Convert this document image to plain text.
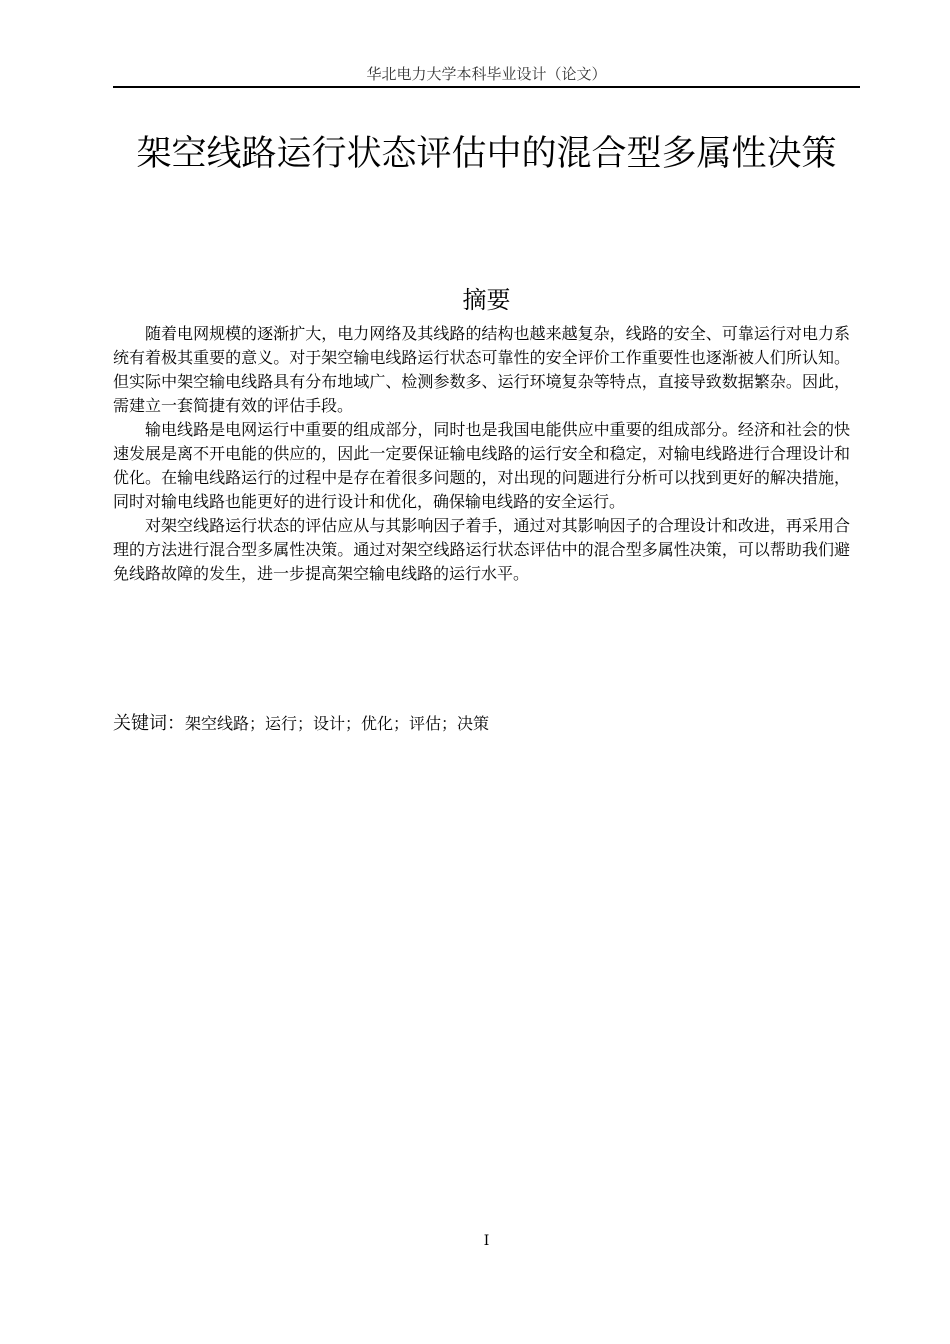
华北电力大学本科毕业设计（论文）
架空线路运行状态评估中的混合型多属性决策
摘要

随着电网规模的逐渐扩大，电力网络及其线路的结构也越来越复杂，线路的安全、可靠运行对电力系统有着极其重要的意义。对于架空输电线路运行状态可靠性的安全评价工作重要性也逐渐被人们所认知。但实际中架空输电线路具有分布地域广、检测参数多、运行环境复杂等特点，直接导致数据繁杂。因此，需建立一套简捷有效的评估手段。

输电线路是电网运行中重要的组成部分，同时也是我国电能供应中重要的组成部分。经济和社会的快速发展是离不开电能的供应的，因此一定要保证输电线路的运行安全和稳定，对输电线路进行合理设计和优化。在输电线路运行的过程中是存在着很多问题的，对出现的问题进行分析可以找到更好的解决措施，同时对输电线路也能更好的进行设计和优化，确保输电线路的安全运行。

对架空线路运行状态的评估应从与其影响因子着手，通过对其影响因子的合理设计和改进，再采用合理的方法进行混合型多属性决策。通过对架空线路运行状态评估中的混合型多属性决策，可以帮助我们避免线路故障的发生，进一步提高架空输电线路的运行水平。

关键词：架空线路；运行；设计；优化；评估；决策
I
